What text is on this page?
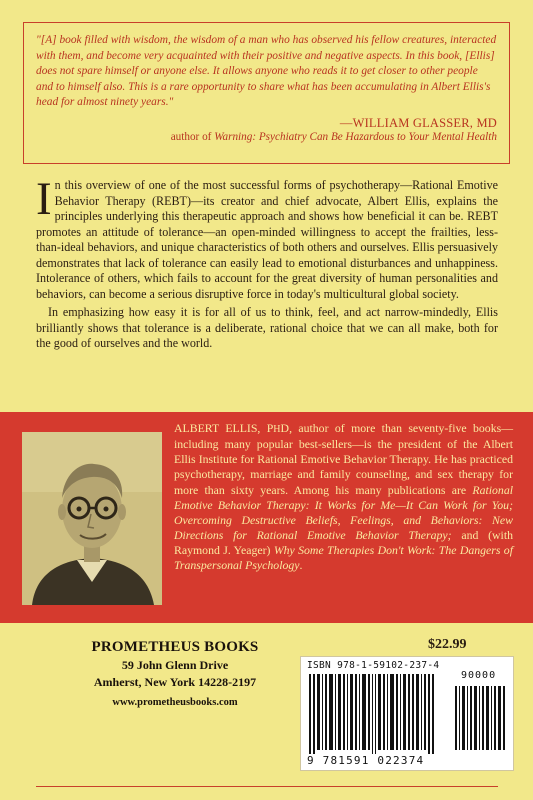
"[A] book filled with wisdom, the wisdom of a man who has observed his fellow creatures, interacted with them, and become very acquainted with their positive and negative aspects. In this book, [Ellis] does not spare himself or anyone else. It allows anyone who reads it to get closer to other people and to himself also. This is a rare opportunity to share what has been accumulating in Albert Ellis's head for almost ninety years."

—WILLIAM GLASSER, MD
author of Warning: Psychiatry Can Be Hazardous to Your Mental Health

In this overview of one of the most successful forms of psychotherapy—Rational Emotive Behavior Therapy (REBT)—its creator and chief advocate, Albert Ellis, explains the principles underlying this therapeutic approach and shows how beneficial it can be. REBT promotes an attitude of tolerance—an open-minded willingness to accept the frailties, less-than-ideal behaviors, and unique characteristics of both others and ourselves. Ellis persuasively demonstrates that lack of tolerance can easily lead to emotional disturbances and unhappiness. Intolerance of others, which fails to account for the great diversity of human personalities and behaviors, can become a serious disruptive force in today's multicultural global society.

In emphasizing how easy it is for all of us to think, feel, and act narrow-mindedly, Ellis brilliantly shows that tolerance is a deliberate, rational choice that we can all make, both for the good of ourselves and the world.

ALBERT ELLIS, PHD, author of more than seventy-five books—including many popular best-sellers—is the president of the Albert Ellis Institute for Rational Emotive Behavior Therapy. He has practiced psychotherapy, marriage and family counseling, and sex therapy for more than sixty years. Among his many publications are Rational Emotive Behavior Therapy: It Works for Me—It Can Work for You; Overcoming Destructive Beliefs, Feelings, and Behaviors: New Directions for Rational Emotive Behavior Therapy; and (with Raymond J. Yeager) Why Some Therapies Don't Work: The Dangers of Transpersonal Psychology.

PROMETHEUS BOOKS
59 John Glenn Drive
Amherst, New York 14228-2197
www.prometheusbooks.com
$22.99
ISBN 978-1-59102-237-4
90000
9 781591 022374
